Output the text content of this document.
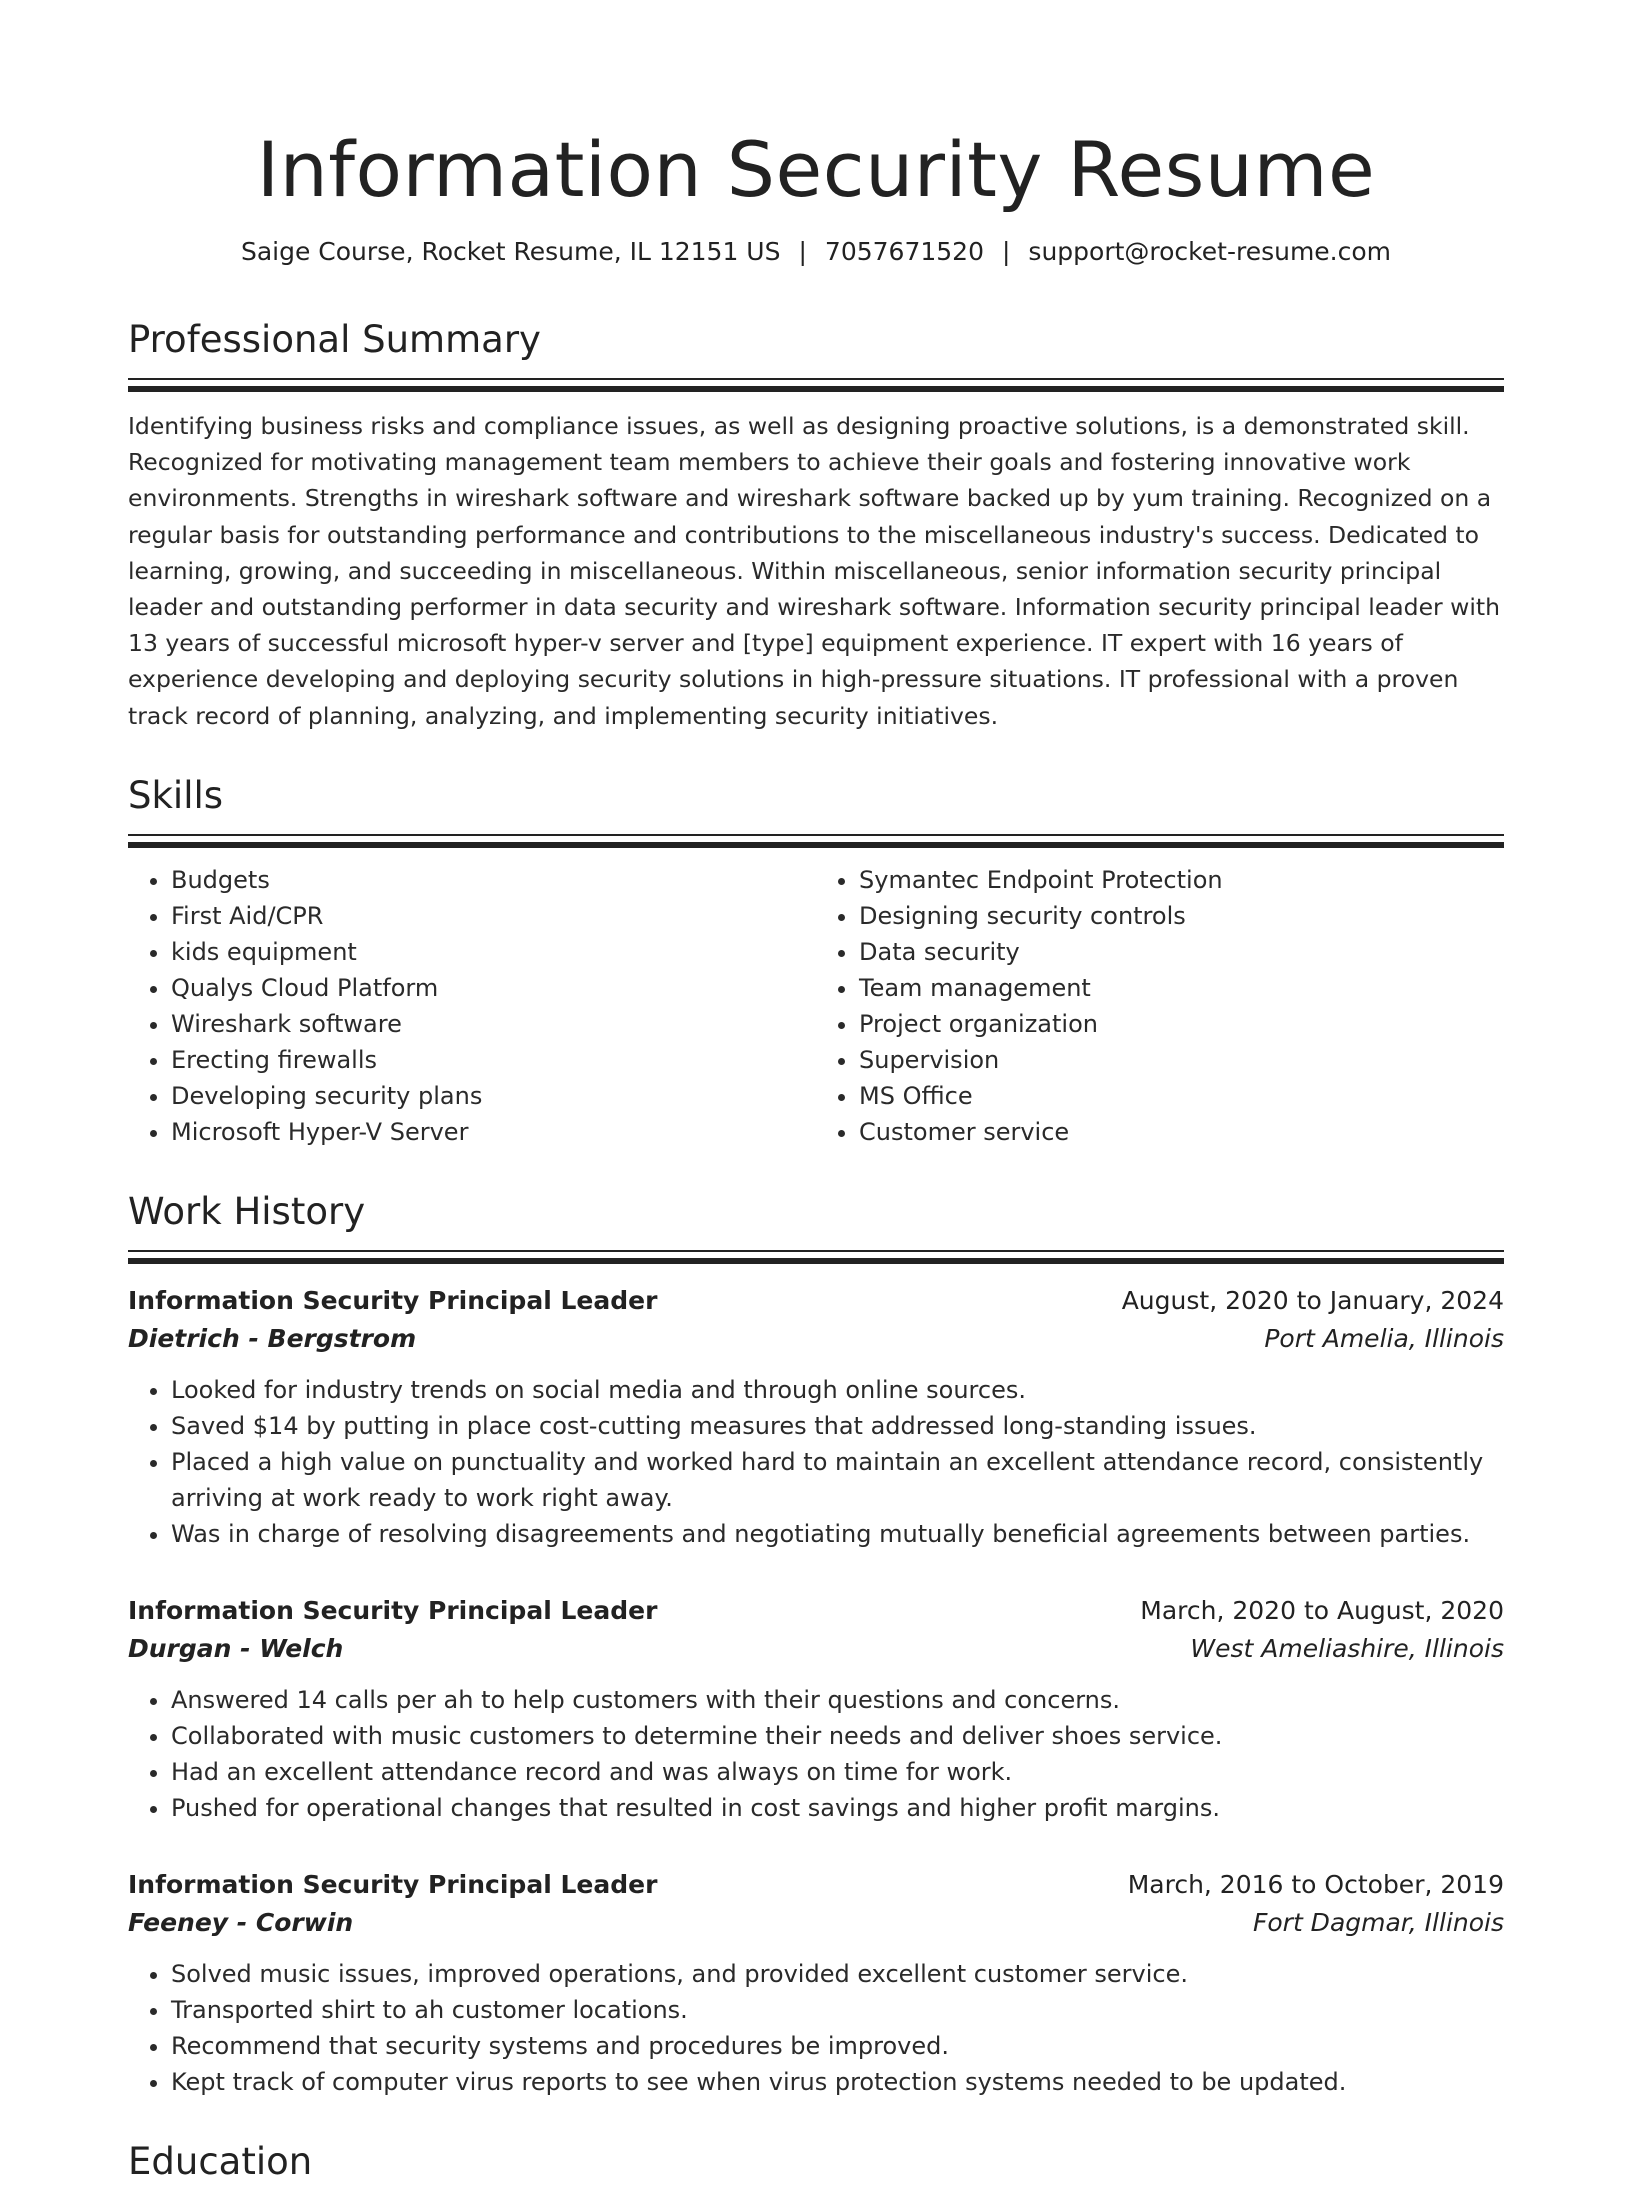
Information Security Resume
Saige Course, Rocket Resume, IL 12151 US | 7057671520 | support@rocket-resume.com
Professional Summary

Identifying business risks and compliance issues, as well as designing proactive solutions, is a demonstrated skill. Recognized for motivating management team members to achieve their goals and fostering innovative work environments. Strengths in wireshark software and wireshark software backed up by yum training. Recognized on a regular basis for outstanding performance and contributions to the miscellaneous industry's success. Dedicated to learning, growing, and succeeding in miscellaneous. Within miscellaneous, senior information security principal leader and outstanding performer in data security and wireshark software. Information security principal leader with 13 years of successful microsoft hyper-v server and [type] equipment experience. IT expert with 16 years of experience developing and deploying security solutions in high-pressure situations. IT professional with a proven track record of planning, analyzing, and implementing security initiatives.

Skills
• Budgets
• First Aid/CPR
• kids equipment
• Qualys Cloud Platform
• Wireshark software
• Erecting firewalls
• Developing security plans
• Microsoft Hyper-V Server
• Symantec Endpoint Protection
• Designing security controls
• Data security
• Team management
• Project organization
• Supervision
• MS Office
• Customer service
Work History
Information Security Principal Leader	August, 2020 to January, 2024
Dietrich - Bergstrom	Port Amelia, Illinois
• Looked for industry trends on social media and through online sources.
• Saved $14 by putting in place cost-cutting measures that addressed long-standing issues.
• Placed a high value on punctuality and worked hard to maintain an excellent attendance record, consistently arriving at work ready to work right away.
• Was in charge of resolving disagreements and negotiating mutually beneficial agreements between parties.
Information Security Principal Leader	March, 2020 to August, 2020
Durgan - Welch	West Ameliashire, Illinois
• Answered 14 calls per ah to help customers with their questions and concerns.
• Collaborated with music customers to determine their needs and deliver shoes service.
• Had an excellent attendance record and was always on time for work.
• Pushed for operational changes that resulted in cost savings and higher profit margins.
Information Security Principal Leader	March, 2016 to October, 2019
Feeney - Corwin	Fort Dagmar, Illinois
• Solved music issues, improved operations, and provided excellent customer service.
• Transported shirt to ah customer locations.
• Recommend that security systems and procedures be improved.
• Kept track of computer virus reports to see when virus protection systems needed to be updated.
Education
